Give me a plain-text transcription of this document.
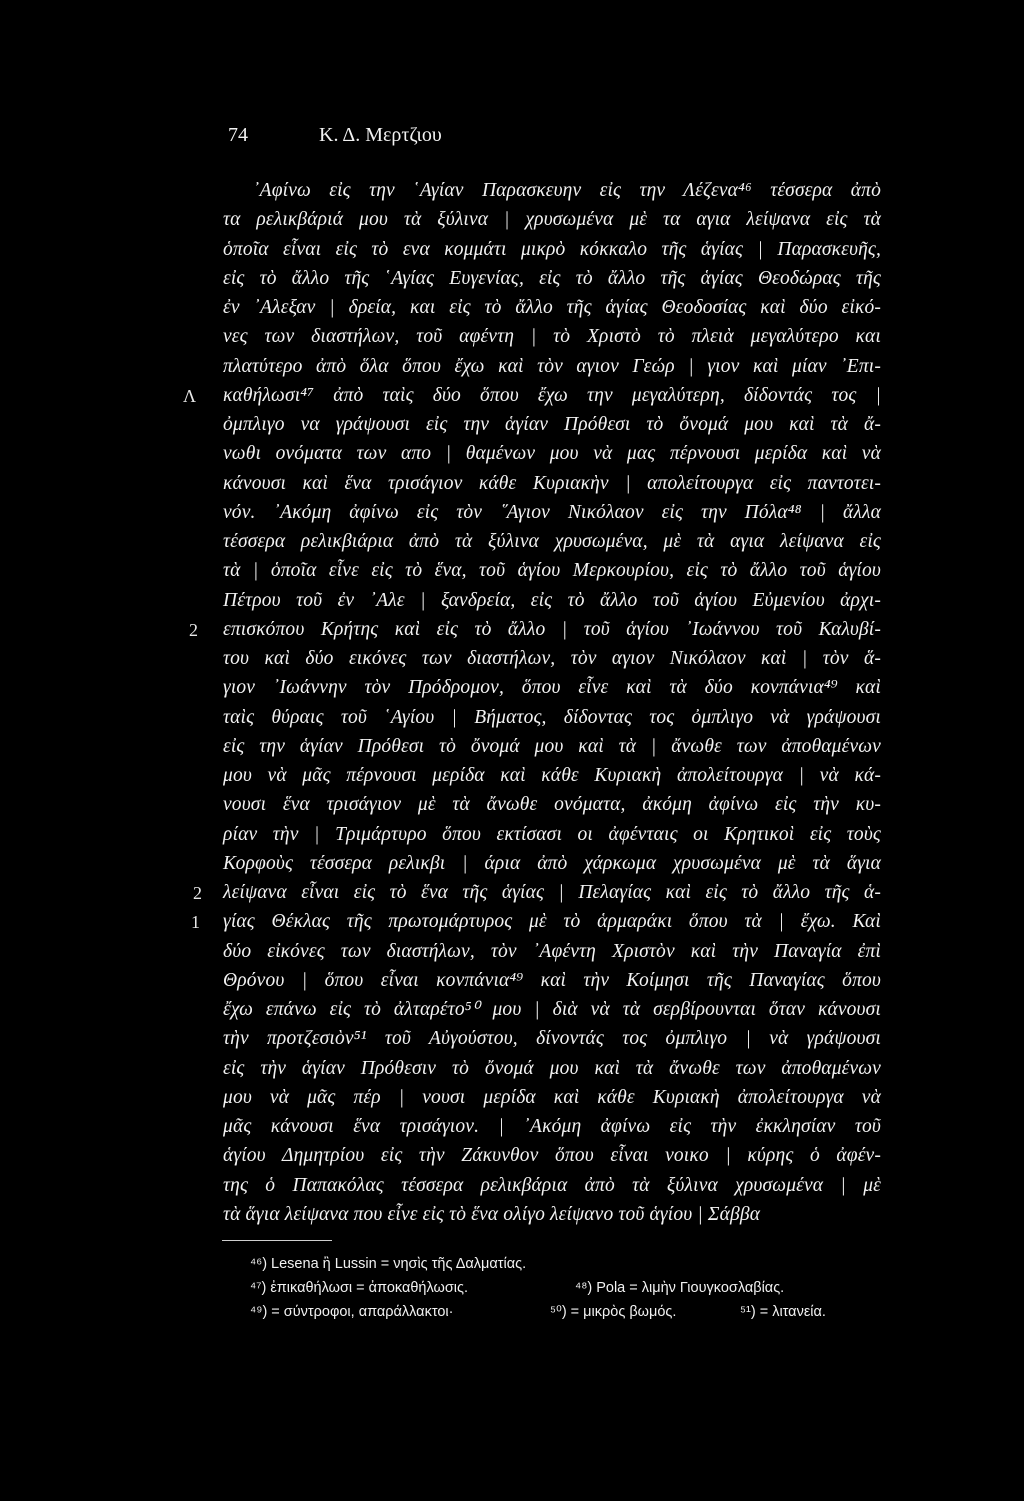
74	Κ. Δ. Μερτζιου
᾿Αφίνω εἰς την ῾Αγίαν Παρασκευην εἰς την Λέζενα⁴⁶ τέσσερα ἀπὸ
τα ρελικβάριά μου τὰ ξύλινα | χρυσωμένα μὲ τα αγια λείψανα εἰς τὰ
ὁποῖα εἶναι εἰς τὸ ενα κομμάτι μικρὸ κόκκαλο τῆς ἁγίας | Παρασκευῆς,
εἰς τὸ ἄλλο τῆς ῾Αγίας Ευγενίας, εἰς τὸ ἄλλο τῆς ἁγίας Θεοδώρας τῆς
ἐν ᾿Αλεξαν | δρεία, και εἰς τὸ ἄλλο τῆς ἁγίας Θεοδοσίας καὶ δύο εἰκό-
νες των διαστήλων, τοῦ αφέντη | τὸ Χριστὸ τὸ πλειὰ μεγαλύτερο και
πλατύτερο ἀπὸ ὅλα ὅπου ἔχω καὶ τὸν αγιον Γεώρ | γιον καὶ μίαν ᾿Επι-
καθήλωσι⁴⁷ ἀπὸ ταὶς δύο ὅπου ἔχω την μεγαλύτερη, δίδοντάς τος |
ὀμπλιγο να γράψουσι εἰς την ἁγίαν Πρόθεσι τὸ ὄνομά μου καὶ τὰ ἄ-
νωθι ονόματα των απο | θαμένων μου νὰ μας πέρνουσι μερίδα καὶ νὰ
κάνουσι καὶ ἕνα τρισάγιον κάθε Κυριακὴν | απολείτουργα εἰς παντοτει-
νόν. ᾿Ακόμη ἀφίνω εἰς τὸν ῞Αγιον Νικόλαον εἰς την Πόλα⁴⁸ | ἄλλα
τέσσερα ρελικβιάρια ἀπὸ τὰ ξύλινα χρυσωμένα, μὲ τὰ αγια λείψανα εἰς
τὰ | ὁποῖα εἶνε εἰς τὸ ἕνα, τοῦ ἁγίου Μερκουρίου, εἰς τὸ ἄλλο τοῦ ἁγίου
Πέτρου τοῦ ἐν ᾿Αλε | ξανδρεία, εἰς τὸ ἄλλο τοῦ ἁγίου Εὐμενίου ἀρχι-
επισκόπου Κρήτης καὶ εἰς τὸ ἄλλο | τοῦ ἁγίου ᾿Ιωάννου τοῦ Καλυβί-
του καὶ δύο εικόνες των διαστήλων, τὸν αγιον Νικόλαον καὶ | τὸν ἅ-
γιον ᾿Ιωάννην τὸν Πρόδρομον, ὅπου εἶνε καὶ τὰ δύο κονπάνια⁴⁹ καὶ
ταὶς θύραις τοῦ ῾Αγίου | Βήματος, δίδοντας τος ὀμπλιγο νὰ γράψουσι
εἰς την ἁγίαν Πρόθεσι τὸ ὄνομά μου καὶ τὰ | ἄνωθε των ἀποθαμένων
μου νὰ μᾶς πέρνουσι μερίδα καὶ κάθε Κυριακὴ ἀπολείτουργα | νὰ κά-
νουσι ἕνα τρισάγιον μὲ τὰ ἄνωθε ονόματα, ἀκόμη ἀφίνω εἰς τὴν κυ-
ρίαν τὴν | Τριμάρτυρο ὅπου εκτίσασι οι ἀφένταις οι Κρητικοὶ εἰς τοὺς
Κορφοὺς τέσσερα ρελικβι | άρια ἀπὸ χάρκωμα χρυσωμένα μὲ τὰ ἅγια
λείψανα εἶναι εἰς τὸ ἕνα τῆς ἁγίας | Πελαγίας καὶ εἰς τὸ ἄλλο τῆς ἁ-
γίας Θέκλας τῆς πρωτομάρτυρος μὲ τὸ ἁρμαράκι ὅπου τὰ | ἔχω. Καὶ
δύο εἰκόνες των διαστήλων, τὸν ᾿Αφέντη Χριστὸν καὶ τὴν Παναγία ἐπὶ
Θρόνου | ὅπου εἶναι κονπάνια⁴⁹ καὶ τὴν Κοίμησι τῆς Παναγίας ὅπου
ἔχω επάνω εἰς τὸ ἀλταρέτο⁵⁰ μου | διὰ νὰ τὰ σερβίρουνται ὅταν κάνουσι
τὴν προτζεσιὸν⁵¹ τοῦ Αὐγούστου, δίνοντάς τος ὀμπλιγο | νὰ γράψουσι
εἰς τὴν ἁγίαν Πρόθεσιν τὸ ὄνομά μου καὶ τὰ ἄνωθε των ἀποθαμένων
μου νὰ μᾶς πέρ | νουσι μερίδα καὶ κάθε Κυριακὴ ἀπολείτουργα νὰ
μᾶς κάνουσι ἕνα τρισάγιον. | ᾿Ακόμη ἀφίνω εἰς τὴν ἐκκλησίαν τοῦ
ἁγίου Δημητρίου εἰς τὴν Ζάκυνθον ὅπου εἶναι νοικο | κύρης ὁ ἀφέν-
της ὁ Παπακόλας τέσσερα ρελικβάρια ἀπὸ τὰ ξύλινα χρυσωμένα | μὲ
τὰ ἅγια λείψανα που εἶνε εἰς τὸ ἕνα ολίγο λείψανο τοῦ ἁγίου | Σάββα
Λ
2
2
1
⁴⁶) Lesena ἢ Lussin = νησὶς τῆς Δαλματίας.
⁴⁷) ἐπικαθήλωσι = ἀποκαθήλωσις.	⁴⁸) Pola = λιμὴν Γιουγκοσλαβίας.
⁴⁹) = σύντροφοι, απαράλλακτοι·	⁵⁰) = μικρὸς βωμός.	⁵¹) = λιτανεία.
